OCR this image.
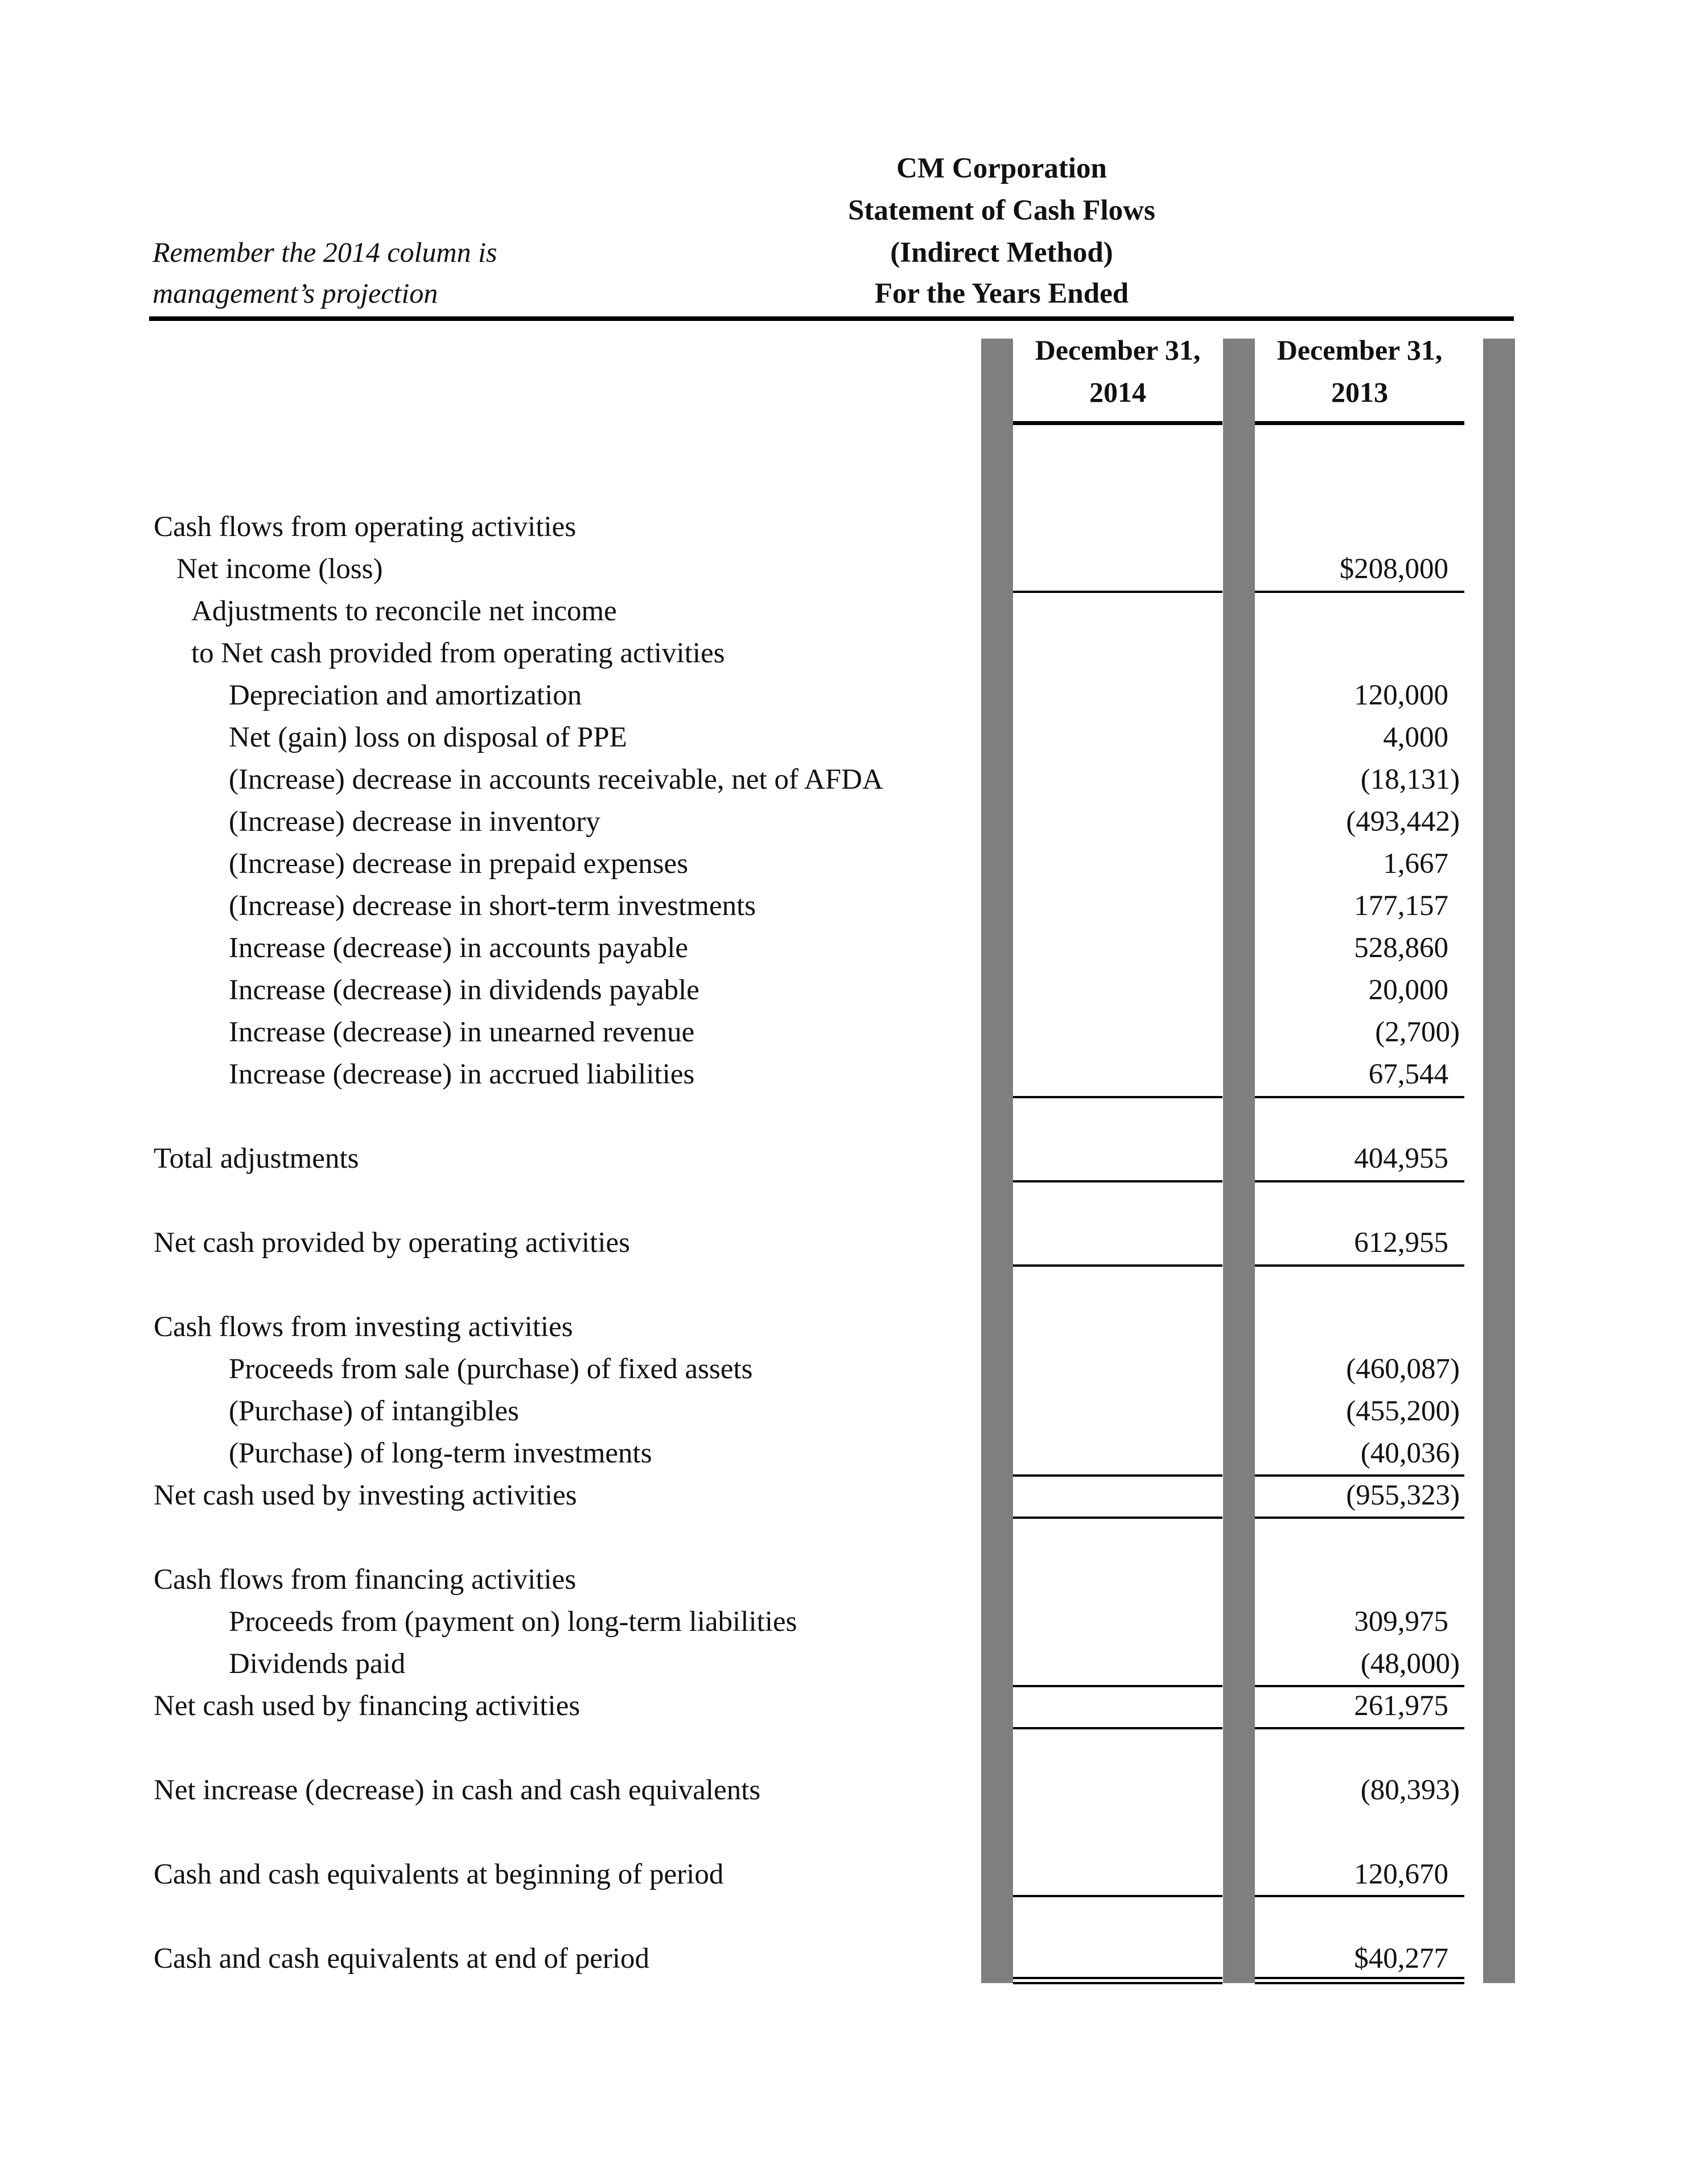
CM Corporation
Statement of Cash Flows
(Indirect Method)
For the Years Ended
Remember the 2014 column is
management’s projection
December 31,
2014
December 31,
2013
Cash flows from operating activities
Net income (loss)
Adjustments to reconcile net income
to Net cash provided from operating activities
Depreciation and amortization
Net (gain) loss on disposal of PPE
(Increase) decrease in accounts receivable, net of AFDA
(Increase) decrease in inventory
(Increase) decrease in prepaid expenses
(Increase) decrease in short-term investments
Increase (decrease) in accounts payable
Increase (decrease) in dividends payable
Increase (decrease) in unearned revenue
Increase (decrease) in accrued liabilities
Total adjustments
Net cash provided by operating activities
Cash flows from investing activities
Proceeds from sale (purchase) of fixed assets
(Purchase) of intangibles
(Purchase) of long-term investments
Net cash used by investing activities
Cash flows from financing activities
Proceeds from (payment on) long-term liabilities
Dividends paid
Net cash used by financing activities
Net increase (decrease) in cash and cash equivalents
Cash and cash equivalents at beginning of period
Cash and cash equivalents at end of period
$208,000
120,000
4,000
(18,131)
(493,442)
1,667
177,157
528,860
20,000
(2,700)
67,544
404,955
612,955
(460,087)
(455,200)
(40,036)
(955,323)
309,975
(48,000)
261,975
(80,393)
120,670
$40,277
